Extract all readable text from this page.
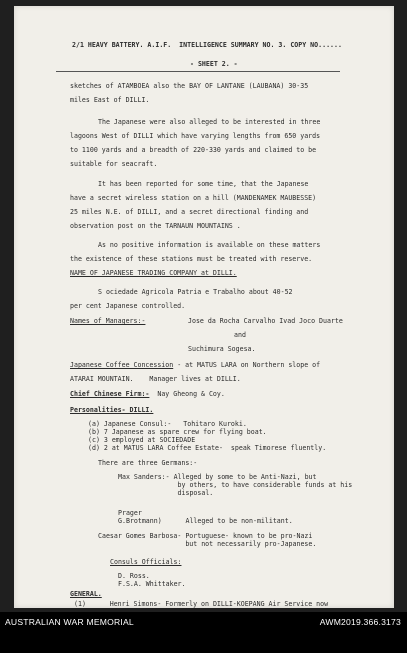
2/1 HEAVY BATTERY. A.I.F.  INTELLIGENCE SUMMARY NO. 3. COPY NO......
- SHEET 2. -
sketches of ATAMBOEA also the BAY OF LANTANE (LAUBANA) 30-35
miles East of DILLI.
The Japanese were also alleged to be interested in three
lagoons West of DILLI which have varying lengths from 650 yards
to 1100 yards and a breadth of 220-330 yards and claimed to be
suitable for seacraft.
It has been reported for some time, that the Japanese
have a secret wireless station on a hill (MANDENAMEK MAUBESSE)
25 miles N.E. of DILLI, and a secret directional finding and
observation post on the TARNAUN MOUNTAINS .
As no positive information is available on these matters
the existence of these stations must be treated with reserve.
NAME OF JAPANESE TRADING COMPANY at DILLI.
S ociedade Agricola Patria e Trabalho about 40-52
per cent Japanese controlled.
Names of Managers:-	Jose da Rocha Carvalho Ivad Joco Duarte
and
Suchimura Sogesa.
Japanese Coffee Concession - at MATUS LARA on Northern slope of
ATARAI MOUNTAIN.    Manager lives at DILLI.
Chief Chinese Firm:-  Nay Gheong & Coy.
Personalities- DILLI.
(a) Japanese Consul:-   Tohitaro Kuroki.
(b) 7 Japanese as spare crew for flying boat.
(c) 3 employed at SOCIEDADE
(d) 2 at MATUS LARA Coffee Estate-  speak Timorese fluently.
There are three Germans:-
Max Sanders:- Alleged by some to be Anti-Nazi, but
by others, to have considerable funds at his
disposal.
Prager
G.Brotmann)      Alleged to be non-militant.
Caesar Gomes Barbosa- Portuguese- known to be pro-Nazi
but not necessarily pro-Japanese.
Consuls Officials:
D. Ross.
F.S.A. Whittaker.
GENERAL.
(1)      Henri Simons- Formerly on DILLI-KOEPANG Air Service now
AUSTRALIAN WAR MEMORIAL	AWM2019.366.3173
